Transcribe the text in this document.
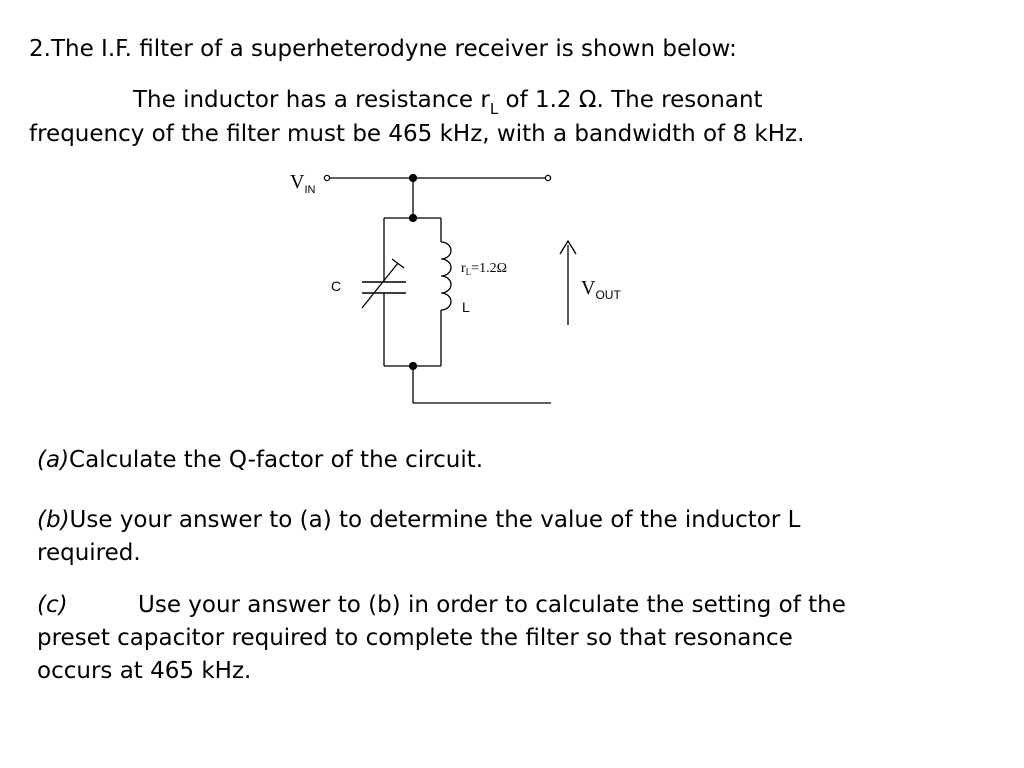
2.The I.F. filter of a superheterodyne receiver is shown below:
The inductor has a resistance $r_L$ of 1.2 Ω. The resonant
frequency of the filter must be 465 kHz, with a bandwidth of 8 kHz.
$V_{IN}$
$V_{OUT}$
C
L
$r_L=1.2\Omega$
(a)Calculate the Q-factor of the circuit.
(b)Use your answer to (a) to determine the value of the inductor L
required.
(c)	Use your answer to (b) in order to calculate the setting of the
preset capacitor required to complete the filter so that resonance
occurs at 465 kHz.
